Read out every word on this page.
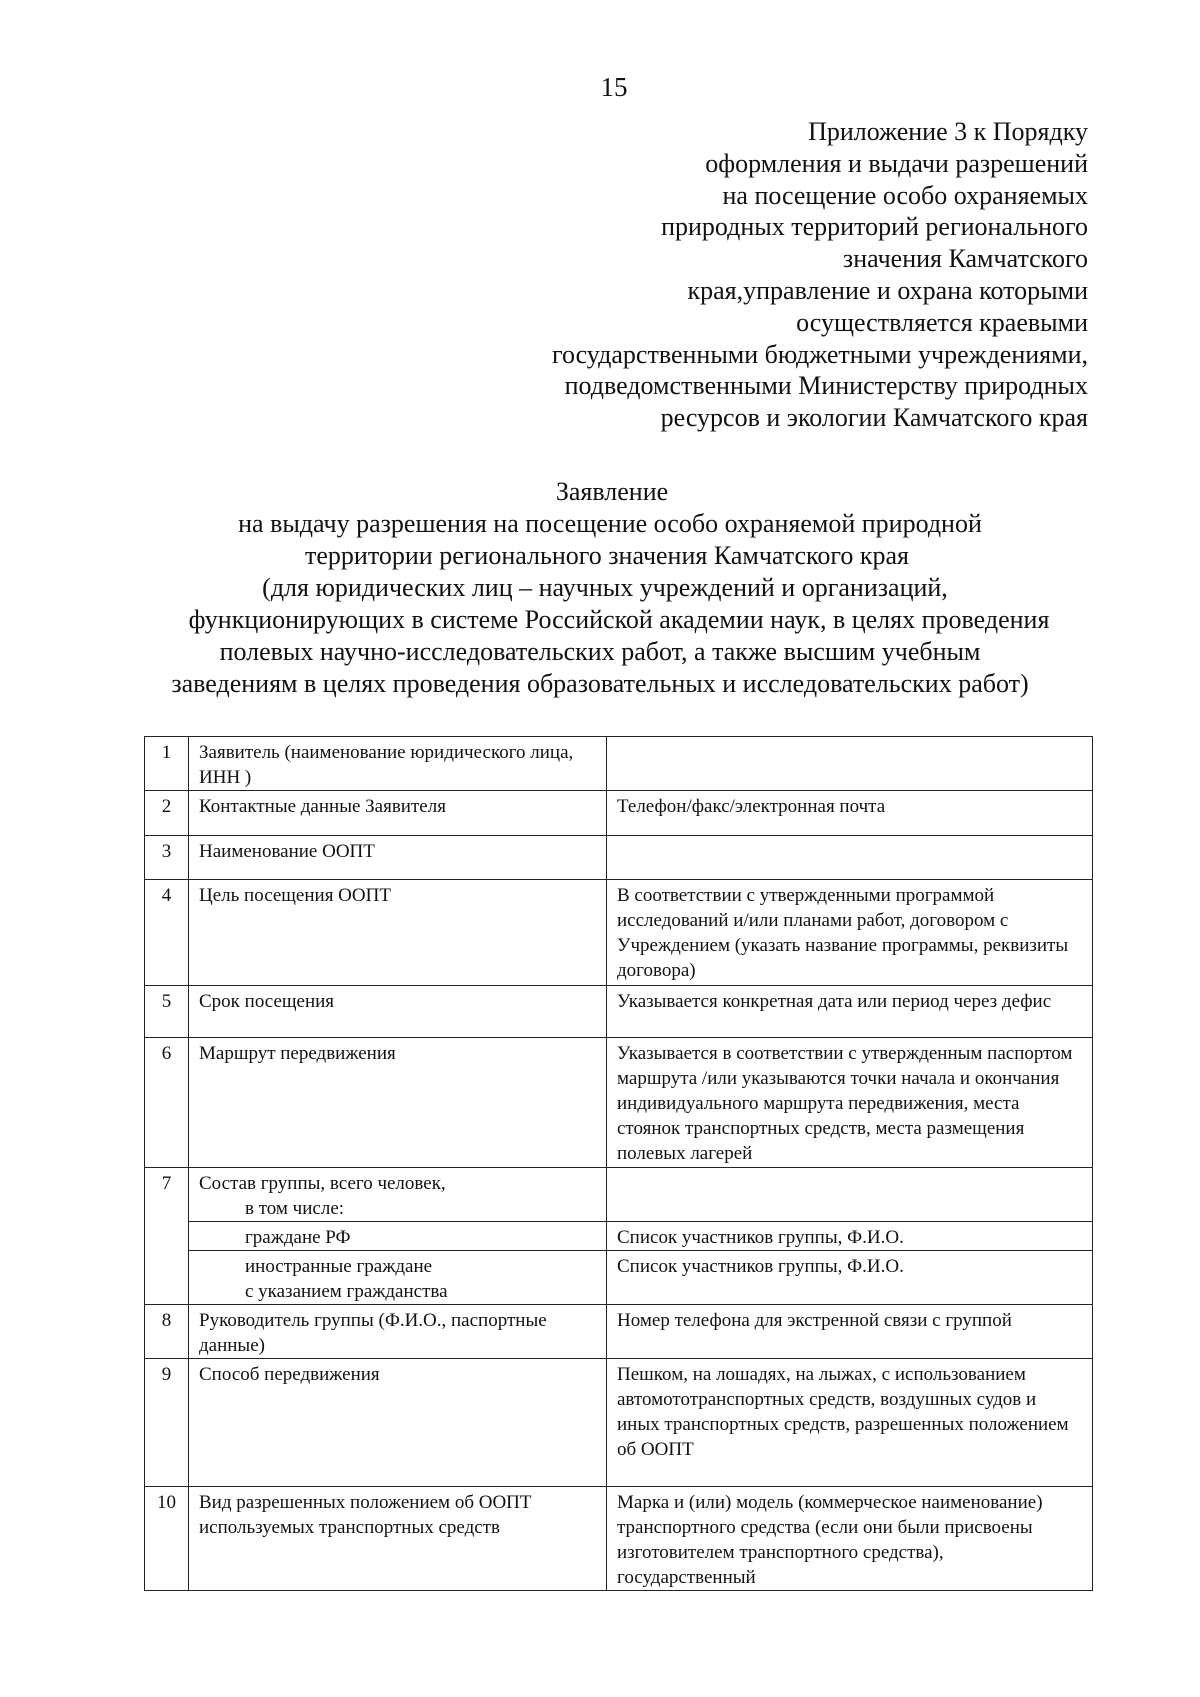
15
Приложение 3 к Порядку
оформления и выдачи разрешений
на посещение особо охраняемых
природных территорий регионального
значения Камчатского
края,управление и охрана которыми
осуществляется краевыми
государственными бюджетными учреждениями,
подведомственными Министерству природных
ресурсов и экологии Камчатского края
Заявление
на выдачу разрешения на посещение особо охраняемой природной
территории регионального значения Камчатского края
(для юридических лиц – научных учреждений и организаций,
функционирующих в системе Российской академии наук, в целях проведения
полевых научно-исследовательских работ, а также высшим учебным
заведениям в целях проведения образовательных и исследовательских работ)
1	Заявитель (наименование юридического лица, ИНН )	
2	Контактные данные Заявителя	Телефон/факс/электронная почта
3	Наименование ООПТ	
4	Цель посещения ООПТ	В соответствии с утвержденными программой исследований и/или планами работ, договором с Учреждением (указать название программы, реквизиты договора)
5	Срок посещения	Указывается конкретная дата или период через дефис
6	Маршрут передвижения	Указывается в соответствии с утвержденным паспортом маршрута /или указываются точки начала и окончания индивидуального маршрута передвижения, места стоянок транспортных средств, места размещения полевых лагерей
7	Состав группы, всего человек,
в том числе:	

	граждане РФ	Список участников группы, Ф.И.О.

	иностранные граждане
с указанием гражданства	Список участников группы, Ф.И.О.
8	Руководитель группы (Ф.И.О., паспортные данные)	Номер телефона для экстренной связи с группой
9	Способ передвижения	Пешком, на лошадях, на лыжах, с использованием автомототранспортных средств, воздушных судов и иных транспортных средств, разрешенных положением об ООПТ
10	Вид разрешенных положением об ООПТ используемых транспортных средств	Марка и (или) модель (коммерческое наименование) транспортного средства (если они были присвоены изготовителем транспортного средства), государственный
